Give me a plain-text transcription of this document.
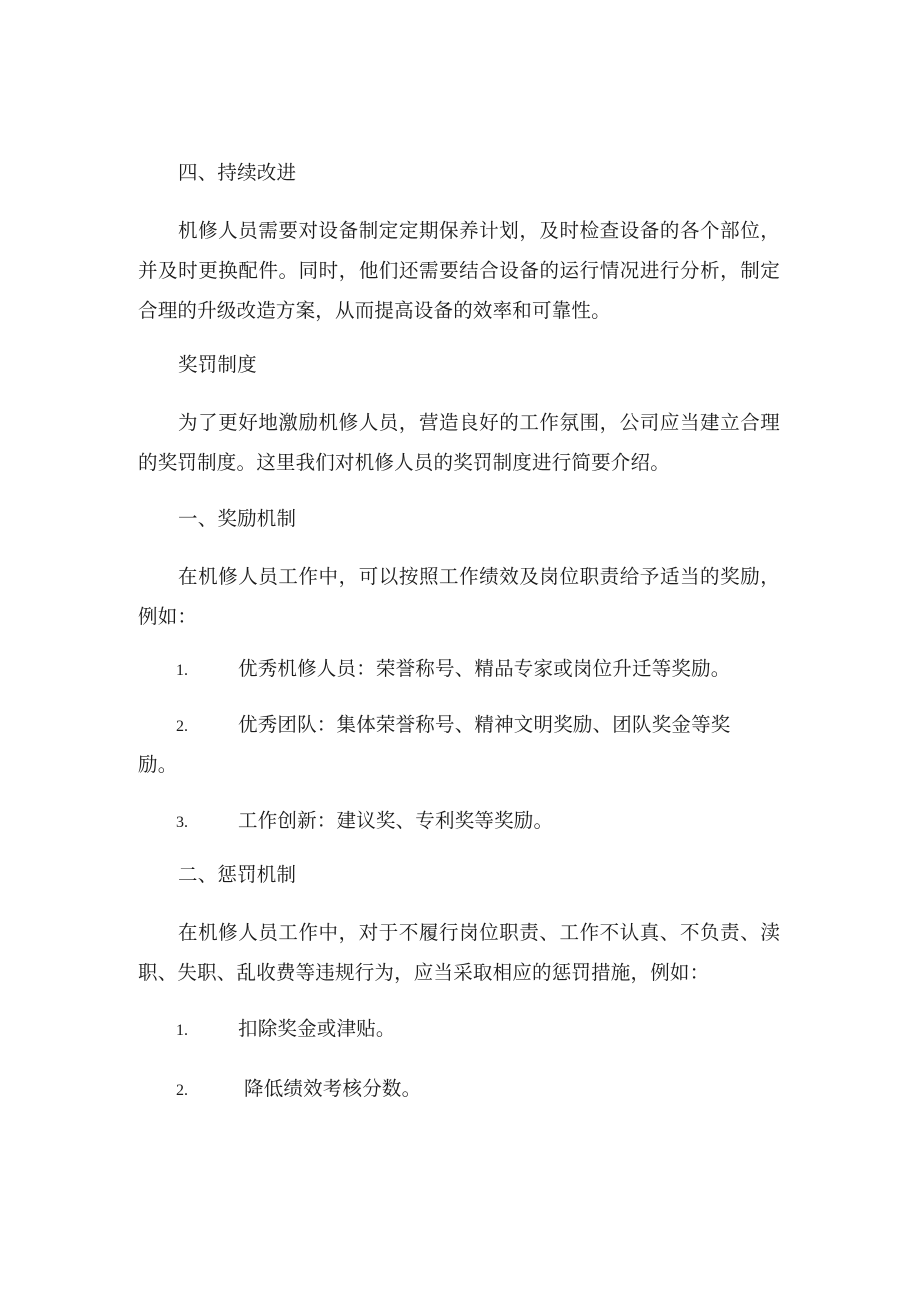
四、持续改进
机修人员需要对设备制定定期保养计划，及时检查设备的各个部位，
并及时更换配件。同时，他们还需要结合设备的运行情况进行分析，制定
合理的升级改造方案，从而提高设备的效率和可靠性。
奖罚制度
为了更好地激励机修人员，营造良好的工作氛围，公司应当建立合理
的奖罚制度。这里我们对机修人员的奖罚制度进行简要介绍。
一、奖励机制
在机修人员工作中，可以按照工作绩效及岗位职责给予适当的奖励，
例如：
1.	优秀机修人员：荣誉称号、精品专家或岗位升迁等奖励。
2.	优秀团队：集体荣誉称号、精神文明奖励、团队奖金等奖
励。
3.	工作创新：建议奖、专利奖等奖励。
二、惩罚机制
在机修人员工作中，对于不履行岗位职责、工作不认真、不负责、渎
职、失职、乱收费等违规行为，应当采取相应的惩罚措施，例如：
1.	扣除奖金或津贴。
2.	降低绩效考核分数。
